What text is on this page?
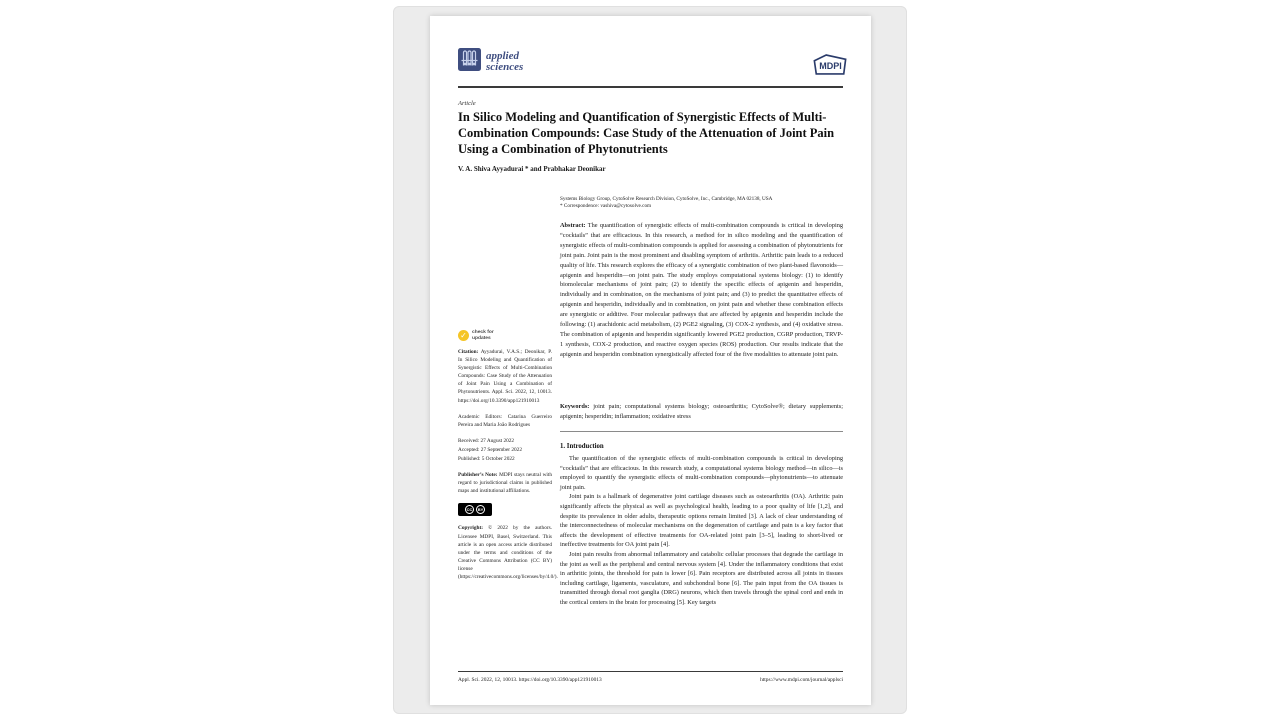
applied
sciences	MDPI
Article
In Silico Modeling and Quantification of Synergistic Effects of Multi-Combination Compounds: Case Study of the Attenuation of Joint Pain Using a Combination of Phytonutrients
V. A. Shiva Ayyadurai * and Prabhakar Deonikar
Systems Biology Group, CytoSolve Research Division, CytoSolve, Inc., Cambridge, MA 02138, USA
* Correspondence: vashiva@cytosolve.com

Abstract: The quantification of synergistic effects of multi-combination compounds is critical in developing “cocktails” that are efficacious. In this research, a method for in silico modeling and the quantification of synergistic effects of multi-combination compounds is applied for assessing a combination of phytonutrients for joint pain. Joint pain is the most prominent and disabling symptom of arthritis. Arthritic pain leads to a reduced quality of life. This research explores the efficacy of a synergistic combination of two plant-based flavonoids—apigenin and hesperidin—on joint pain. The study employs computational systems biology: (1) to identify biomolecular mechanisms of joint pain; (2) to identify the specific effects of apigenin and hesperidin, individually and in combination, on the mechanisms of joint pain; and (3) to predict the quantitative effects of apigenin and hesperidin, individually and in combination, on joint pain and whether these combination effects are synergistic or additive. Four molecular pathways that are affected by apigenin and hesperidin include the following: (1) arachidonic acid metabolism, (2) PGE2 signaling, (3) COX-2 synthesis, and (4) oxidative stress. The combination of apigenin and hesperidin significantly lowered PGE2 production, CGRP production, TRVP-1 synthesis, COX-2 production, and reactive oxygen species (ROS) production. Our results indicate that the apigenin and hesperidin combination synergistically affected four of the five modalities to attenuate joint pain.

Keywords: joint pain; computational systems biology; osteoarthritis; CytoSolve®; dietary supplements; apigenin; hesperidin; inflammation; oxidative stress

1. Introduction

The quantification of the synergistic effects of multi-combination compounds is critical in developing “cocktails” that are efficacious. In this research study, a computational systems biology method—in silico—is employed to quantify the synergistic effects of multi-combination compounds—phytonutrients—to attenuate joint pain.

Joint pain is a hallmark of degenerative joint cartilage diseases such as osteoarthritis (OA). Arthritic pain significantly affects the physical as well as psychological health, leading to a poor quality of life [1,2], and despite its prevalence in older adults, therapeutic options remain limited [3]. A lack of clear understanding of the interconnectedness of molecular mechanisms on the degeneration of cartilage and pain is a key factor that affects the development of effective treatments for OA-related joint pain [3–5], leading to short-lived or ineffective treatments for OA joint pain [4].

Joint pain results from abnormal inflammatory and catabolic cellular processes that degrade the cartilage in the joint as well as the peripheral and central nervous system [4]. Under the inflammatory conditions that exist in arthritic joints, the threshold for pain is lower [6]. Pain receptors are distributed across all joints in tissues including cartilage, ligaments, vasculature, and subchondral bone [6]. The pain input from the OA tissues is transmitted through dorsal root ganglia (DRG) neurons, which then travels through the spinal cord and ends in the cortical centers in the brain for processing [5]. Key targets

✓	check for
updates
Citation: Ayyadurai, V.A.S.; Deonikar, P. In Silico Modeling and Quantification of Synergistic Effects of Multi-Combination Compounds: Case Study of the Attenuation of Joint Pain Using a Combination of Phytonutrients. Appl. Sci. 2022, 12, 10013. https://doi.org/10.3390/app121910013
Academic Editors: Catarina Guerreiro Pereira and Maria João Rodrigues
Received: 27 August 2022
Accepted: 27 September 2022
Published: 5 October 2022
Publisher’s Note: MDPI stays neutral with regard to jurisdictional claims in published maps and institutional affiliations.
CC	BY
Copyright: © 2022 by the authors. Licensee MDPI, Basel, Switzerland. This article is an open access article distributed under the terms and conditions of the Creative Commons Attribution (CC BY) license (https://creativecommons.org/licenses/by/4.0/).
Appl. Sci. 2022, 12, 10013. https://doi.org/10.3390/app121910013	https://www.mdpi.com/journal/applsci
